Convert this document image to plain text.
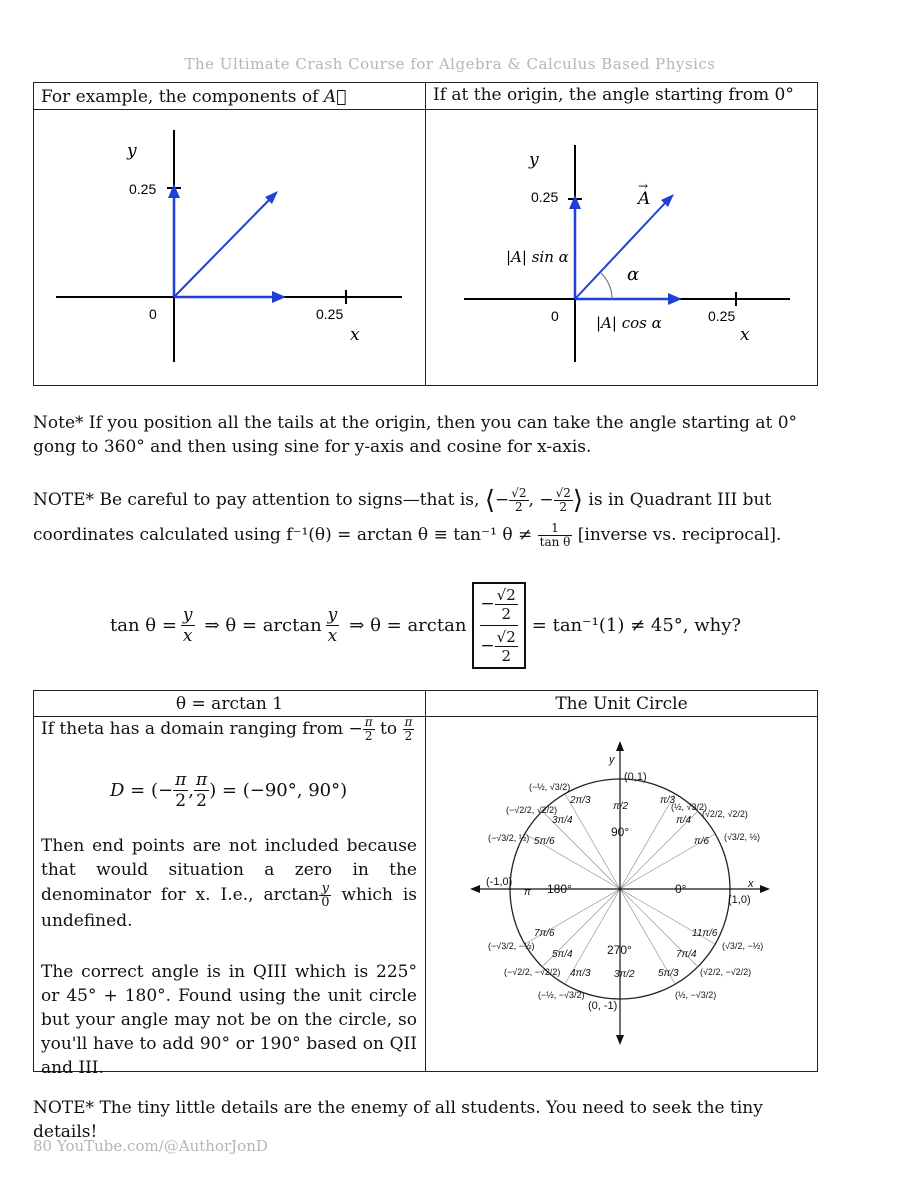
The Ultimate Crash Course for Algebra & Calculus Based Physics
For example, the components of A⃗	If at the origin, the angle starting from 0°
y
0.25
0	0.25
x
y
0.25
0	0.25
x
A
→
α
|A| sin α
|A| cos α
Note* If you position all the tails at the origin, then you can take the angle starting at 0° gong to 360° and then using sine for y-axis and cosine for x-axis.
NOTE* Be careful to pay attention to signs—that is, ⟨− $\frac{√2}{2}$ , − $\frac{√2}{2}$ ⟩ is in Quadrant III but
coordinates calculated using f⁻¹(θ) = arctan θ ≡ tan⁻¹ $\theta \ne \frac{1}{\text{tan θ}}$ [inverse vs. reciprocal].
$\tan \theta = \frac{y}{x}$ ⇒ $\theta = \arctan \frac{y}{x}$ ⇒ θ = arctan
− $\frac{√2}{2}$
− $\frac{√2}{2}$
= tan⁻¹(1) ≠ 45°, why?
θ = arctan 1	The Unit Circle
If theta has a domain ranging from − $\frac{\pi}{2}$ to $\frac{\pi}{2}$
D = (− $\frac{\pi}{2}$ , $\frac{\pi}{2}$ ) = (−90°, 90°)
Then end points are not included because that would situation a zero in the denominator for x. I.e., $\arctan \frac{y}{0}$ which is undefined.
The correct angle is in QIII which is 225° or 45° + 180°. Found using the unit circle but your angle may not be on the circle, so you'll have to add 90° or 190° based on QII and III.
x
y
(1,0)
(-1,0)
(0,1)
(0, -1)
0°
90°
180°
270°
(½, √3/2)
(√2/2, √2/2)
(√3/2, ½)
(−½, √3/2)
(−√2/2, √2/2)
(−√3/2, ½)
(−√3/2, −½)
(−√2/2, −√2/2)
(−½, −√3/2)	(½, −√3/2)
(√2/2, −√2/2)
(√3/2, −½)
2π/3
3π/4
5π/6
7π/6
5π/4
4π/3
π/3
π/4
π/6
11π/6
7π/4
5π/3
π/2
3π/2
π
NOTE* The tiny little details are the enemy of all students. You need to seek the tiny details!
80 YouTube.com/@AuthorJonD
